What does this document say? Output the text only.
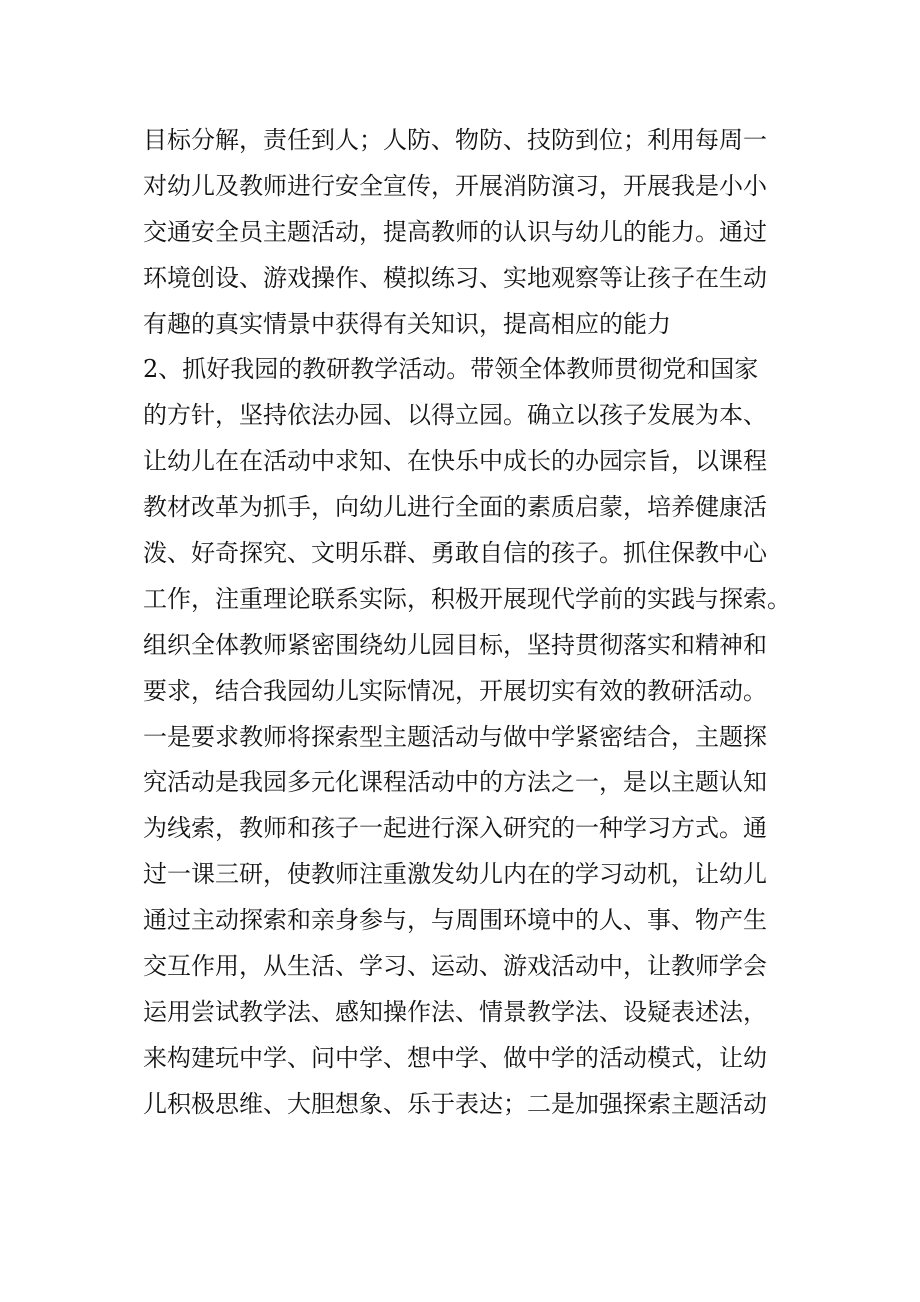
目标分解，责任到人；人防、物防、技防到位；利用每周一
对幼儿及教师进行安全宣传，开展消防演习，开展我是小小
交通安全员主题活动，提高教师的认识与幼儿的能力。通过
环境创设、游戏操作、模拟练习、实地观察等让孩子在生动
有趣的真实情景中获得有关知识，提高相应的能力
2、抓好我园的教研教学活动。带领全体教师贯彻党和国家
的方针，坚持依法办园、以得立园。确立以孩子发展为本、
让幼儿在在活动中求知、在快乐中成长的办园宗旨，以课程
教材改革为抓手，向幼儿进行全面的素质启蒙，培养健康活
泼、好奇探究、文明乐群、勇敢自信的孩子。抓住保教中心
工作，注重理论联系实际，积极开展现代学前的实践与探索。
组织全体教师紧密围绕幼儿园目标，坚持贯彻落实和精神和
要求，结合我园幼儿实际情况，开展切实有效的教研活动。
一是要求教师将探索型主题活动与做中学紧密结合，主题探
究活动是我园多元化课程活动中的方法之一，是以主题认知
为线索，教师和孩子一起进行深入研究的一种学习方式。通
过一课三研，使教师注重激发幼儿内在的学习动机，让幼儿
通过主动探索和亲身参与，与周围环境中的人、事、物产生
交互作用，从生活、学习、运动、游戏活动中，让教师学会
运用尝试教学法、感知操作法、情景教学法、设疑表述法，
来构建玩中学、问中学、想中学、做中学的活动模式，让幼
儿积极思维、大胆想象、乐于表达；二是加强探索主题活动
